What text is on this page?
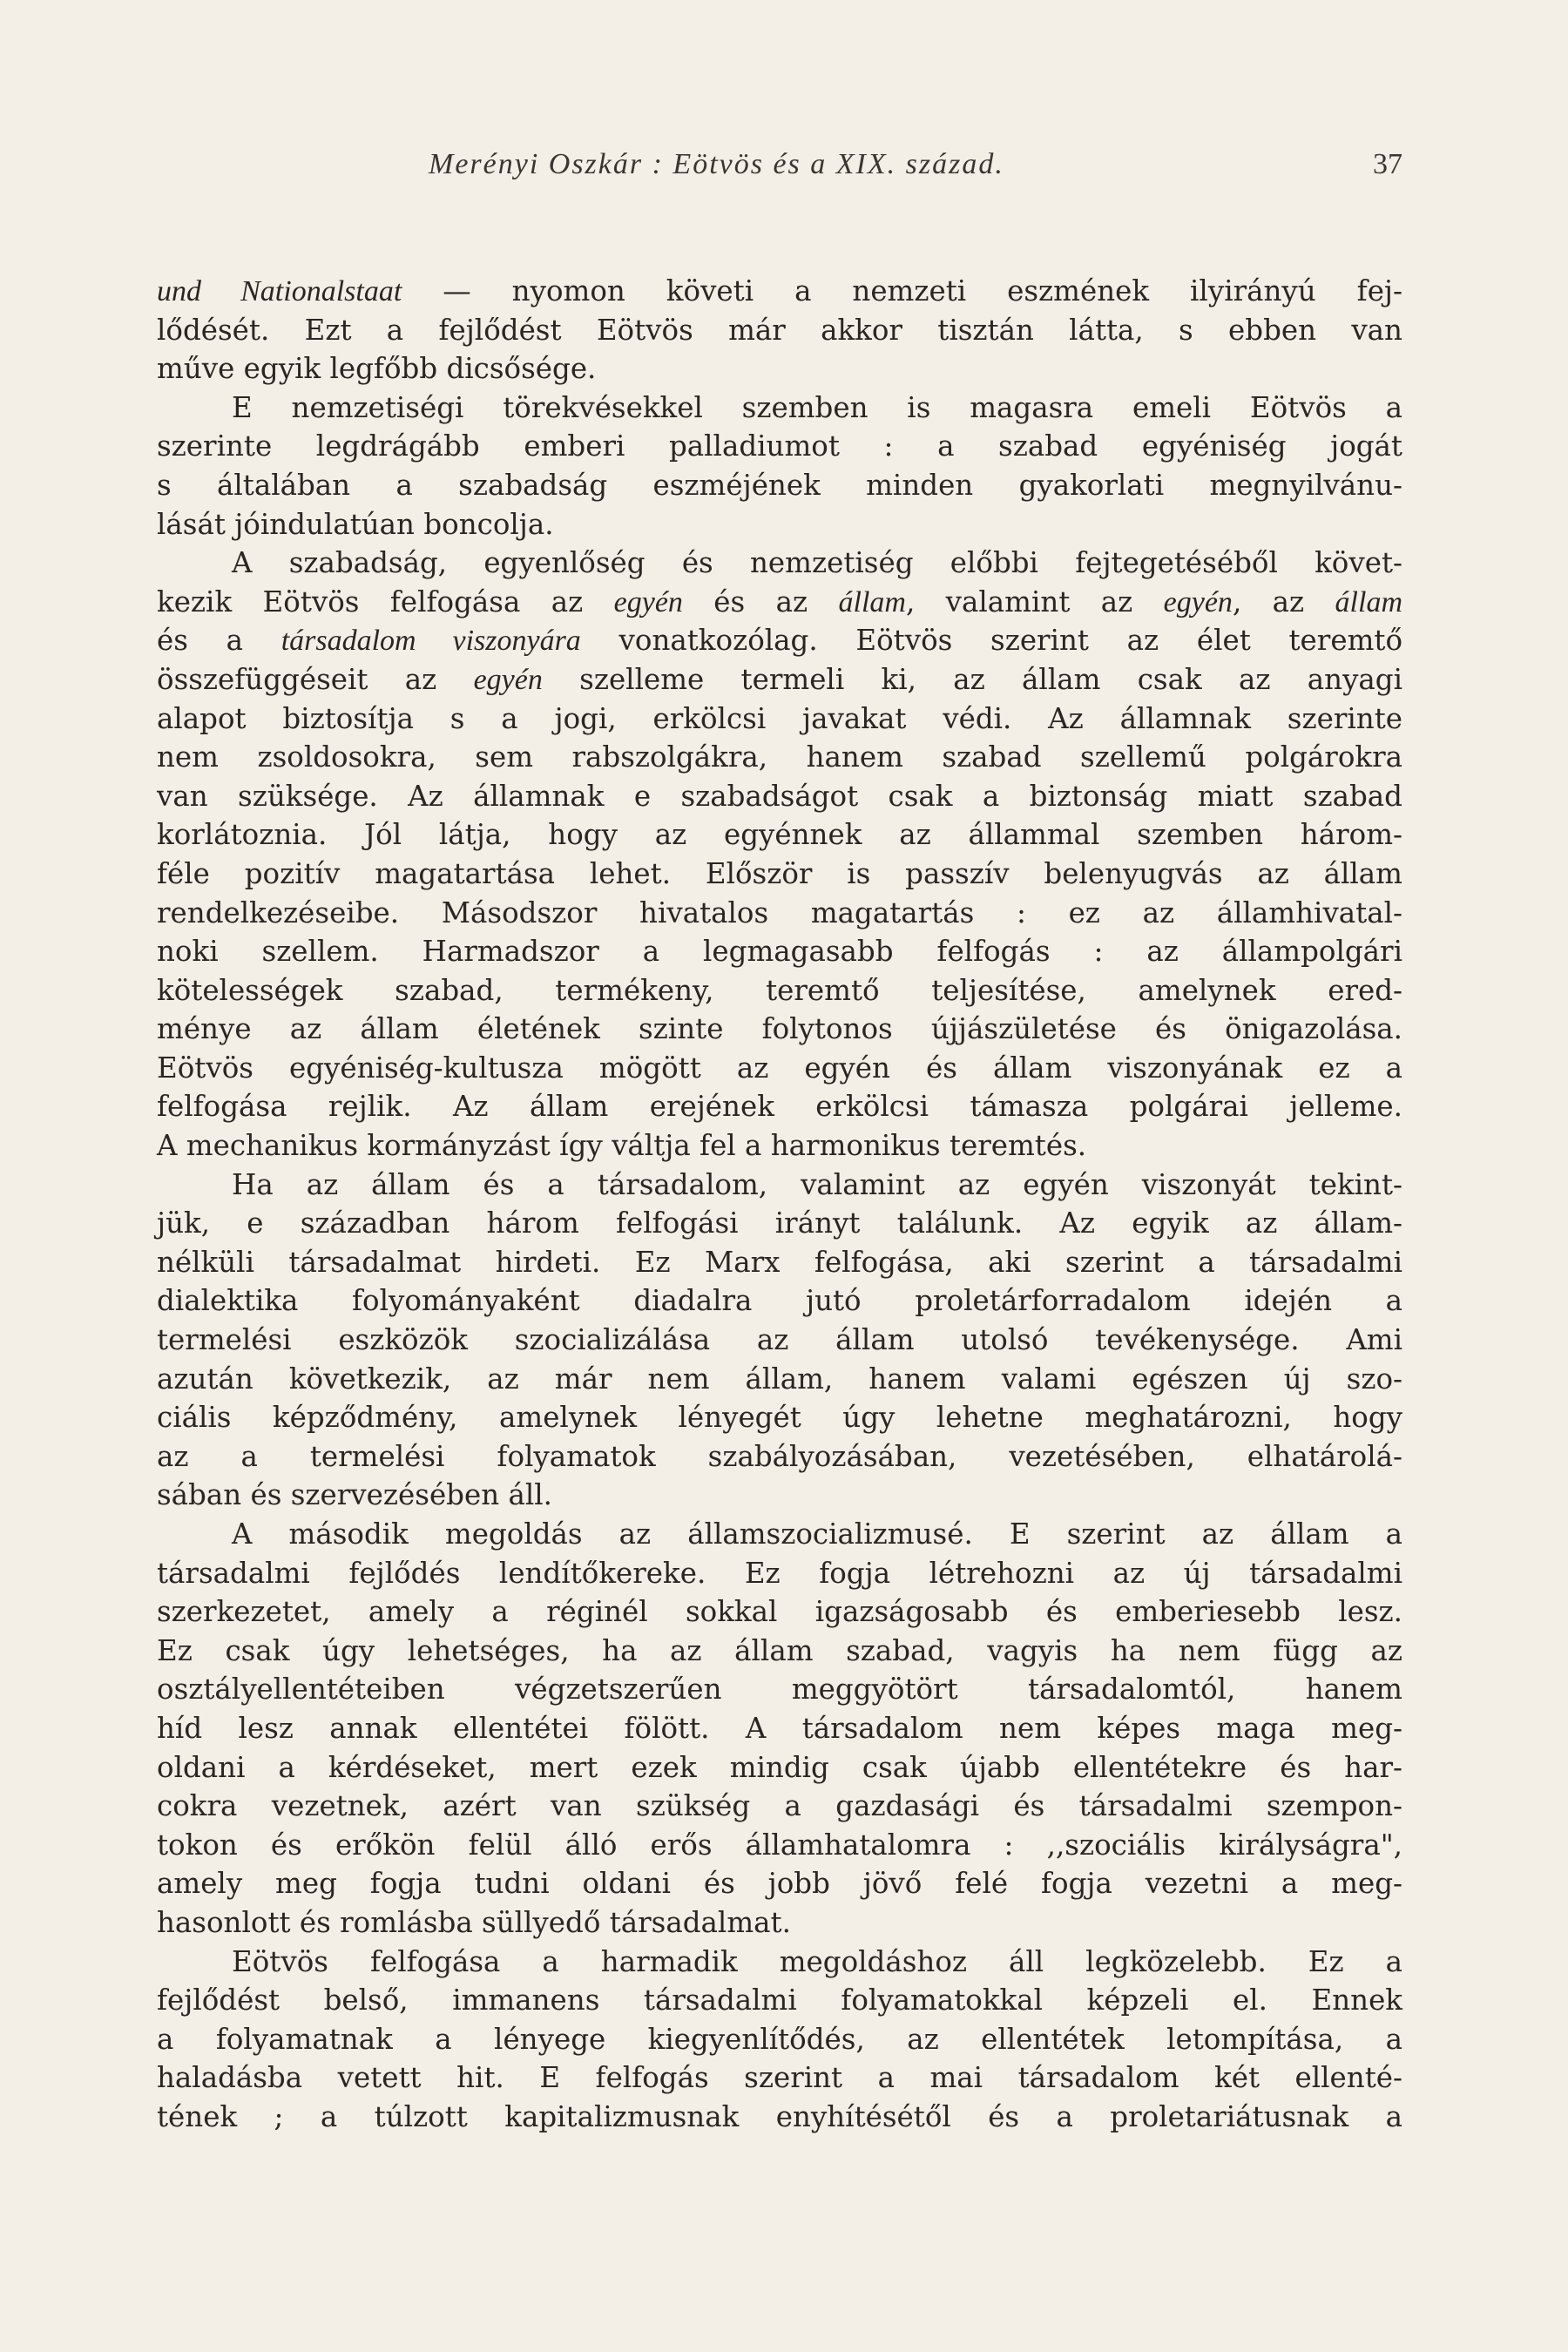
Merényi Oszkár : Eötvös és a XIX. század.	37
und Nationalstaat — nyomon követi a nemzeti eszmének ilyirányú fej-
lődését. Ezt a fejlődést Eötvös már akkor tisztán látta, s ebben van
műve egyik legfőbb dicsősége.
E nemzetiségi törekvésekkel szemben is magasra emeli Eötvös a
szerinte legdrágább emberi palladiumot : a szabad egyéniség jogát
s általában a szabadság eszméjének minden gyakorlati megnyilvánu-
lását jóindulatúan boncolja.
A szabadság, egyenlőség és nemzetiség előbbi fejtegetéséből követ-
kezik Eötvös felfogása az egyén és az állam, valamint az egyén, az állam
és a társadalom viszonyára vonatkozólag. Eötvös szerint az élet teremtő
összefüggéseit az egyén szelleme termeli ki, az állam csak az anyagi
alapot biztosítja s a jogi, erkölcsi javakat védi. Az államnak szerinte
nem zsoldosokra, sem rabszolgákra, hanem szabad szellemű polgárokra
van szüksége. Az államnak e szabadságot csak a biztonság miatt szabad
korlátoznia. Jól látja, hogy az egyénnek az állammal szemben három-
féle pozitív magatartása lehet. Először is passzív belenyugvás az állam
rendelkezéseibe. Másodszor hivatalos magatartás : ez az államhivatal-
noki szellem. Harmadszor a legmagasabb felfogás : az állampolgári
kötelességek szabad, termékeny, teremtő teljesítése, amelynek ered-
ménye az állam életének szinte folytonos újjászületése és önigazolása.
Eötvös egyéniség-kultusza mögött az egyén és állam viszonyának ez a
felfogása rejlik. Az állam erejének erkölcsi támasza polgárai jelleme.
A mechanikus kormányzást így váltja fel a harmonikus teremtés.
Ha az állam és a társadalom, valamint az egyén viszonyát tekint-
jük, e században három felfogási irányt találunk. Az egyik az állam-
nélküli társadalmat hirdeti. Ez Marx felfogása, aki szerint a társadalmi
dialektika folyományaként diadalra jutó proletárforradalom idején a
termelési eszközök szocializálása az állam utolsó tevékenysége. Ami
azután következik, az már nem állam, hanem valami egészen új szo-
ciális képződmény, amelynek lényegét úgy lehetne meghatározni, hogy
az a termelési folyamatok szabályozásában, vezetésében, elhatárolá-
sában és szervezésében áll.
A második megoldás az államszocializmusé. E szerint az állam a
társadalmi fejlődés lendítőkereke. Ez fogja létrehozni az új társadalmi
szerkezetet, amely a réginél sokkal igazságosabb és emberiesebb lesz.
Ez csak úgy lehetséges, ha az állam szabad, vagyis ha nem függ az
osztályellentéteiben végzetszerűen meggyötört társadalomtól, hanem
híd lesz annak ellentétei fölött. A társadalom nem képes maga meg-
oldani a kérdéseket, mert ezek mindig csak újabb ellentétekre és har-
cokra vezetnek, azért van szükség a gazdasági és társadalmi szempon-
tokon és erőkön felül álló erős államhatalomra : ,,szociális királyságra",
amely meg fogja tudni oldani és jobb jövő felé fogja vezetni a meg-
hasonlott és romlásba süllyedő társadalmat.
Eötvös felfogása a harmadik megoldáshoz áll legközelebb. Ez a
fejlődést belső, immanens társadalmi folyamatokkal képzeli el. Ennek
a folyamatnak a lényege kiegyenlítődés, az ellentétek letompítása, a
haladásba vetett hit. E felfogás szerint a mai társadalom két ellenté-
tének ; a túlzott kapitalizmusnak enyhítésétől és a proletariátusnak a
